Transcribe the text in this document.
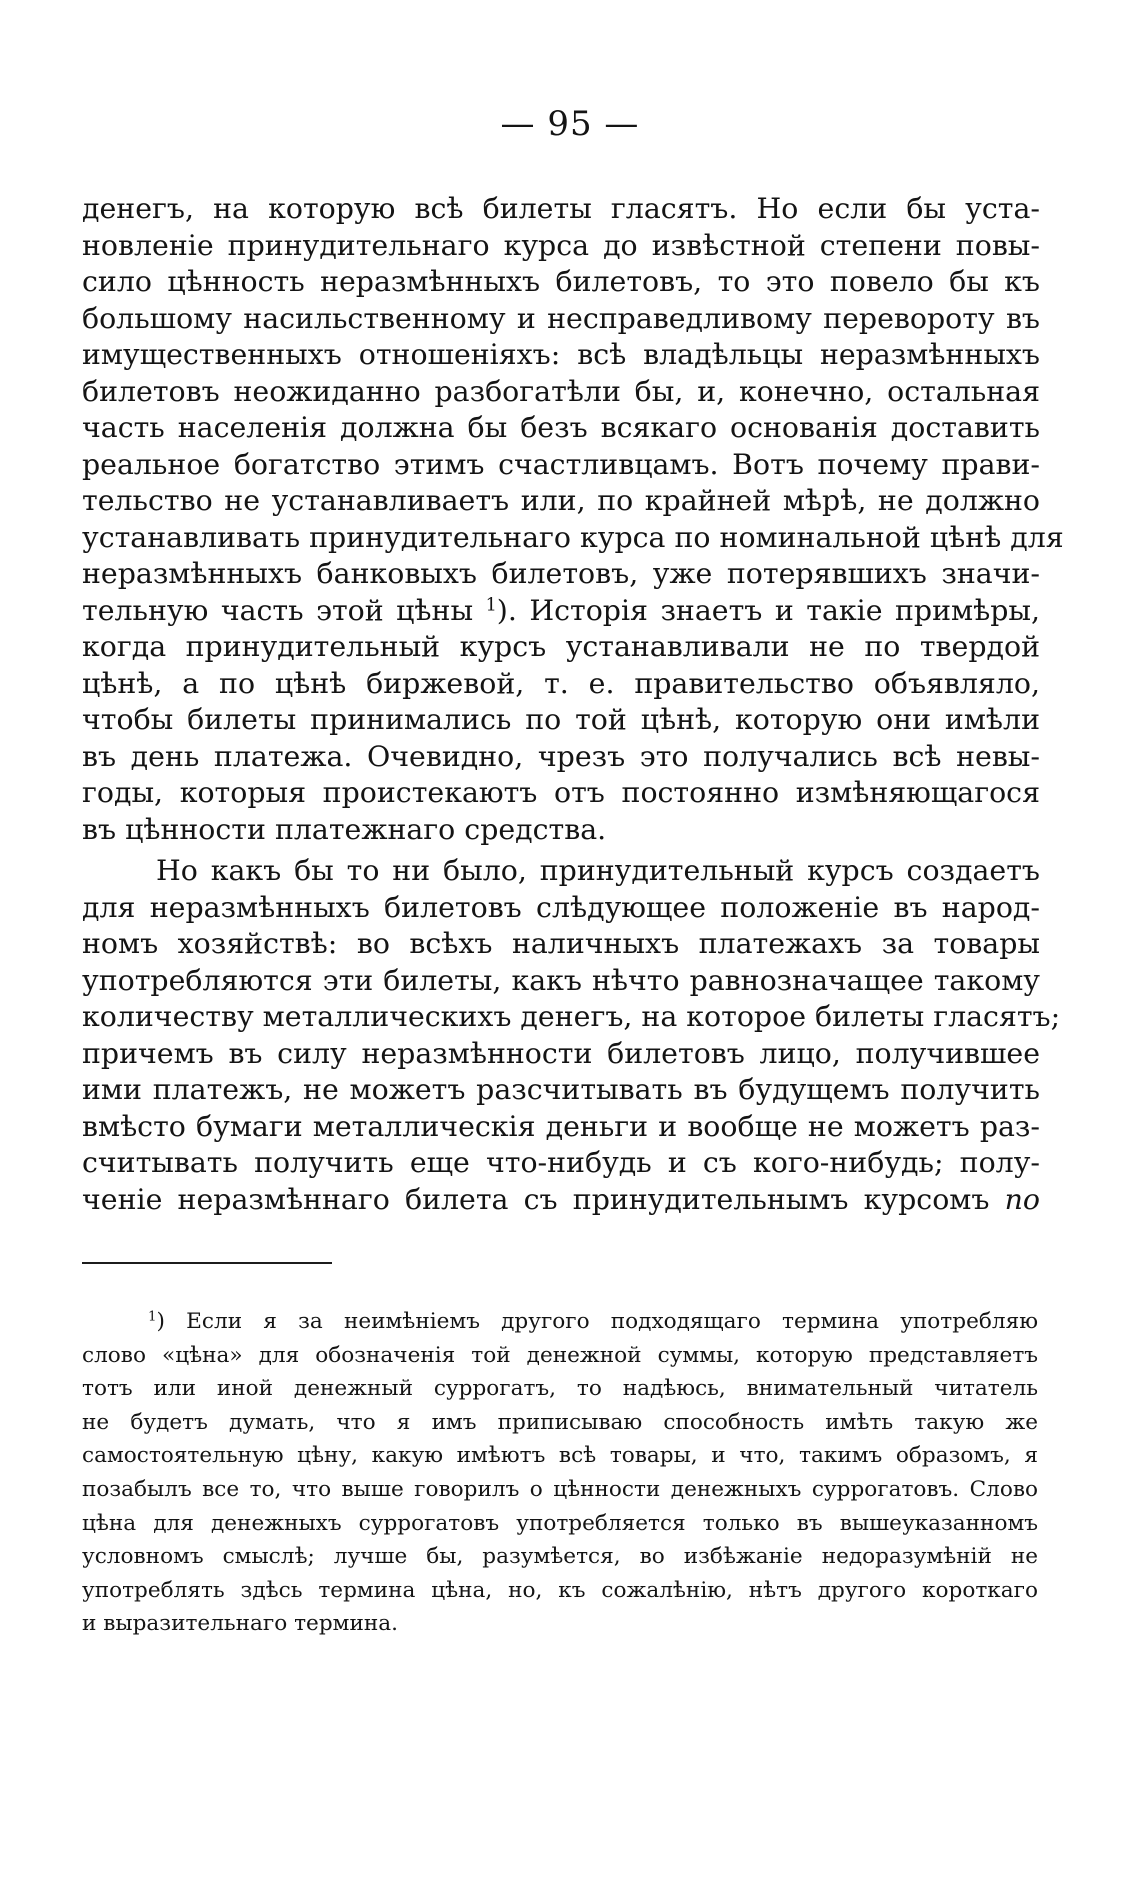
— 95 —
денегъ, на которую всѣ билеты гласятъ. Но если бы уста-
новленіе принудительнаго курса до извѣстной степени повы-
сило цѣнность неразмѣнныхъ билетовъ, то это повело бы къ
большому насильственному и несправедливому перевороту въ
имущественныхъ отношеніяхъ: всѣ владѣльцы неразмѣнныхъ
билетовъ неожиданно разбогатѣли бы, и, конечно, остальная
часть населенія должна бы безъ всякаго основанія доставить
реальное богатство этимъ счастливцамъ. Вотъ почему прави-
тельство не устанавливаетъ или, по крайней мѣрѣ, не должно
устанавливать принудительнаго курса по номинальной цѣнѣ для
неразмѣнныхъ банковыхъ билетовъ, уже потерявшихъ значи-
тельную часть этой цѣны $^1$). Исторія знаетъ и такіе примѣры,
когда принудительный курсъ устанавливали не по твердой
цѣнѣ, а по цѣнѣ биржевой, т. е. правительство объявляло,
чтобы билеты принимались по той цѣнѣ, которую они имѣли
въ день платежа. Очевидно, чрезъ это получались всѣ невы-
годы, которыя проистекаютъ отъ постоянно измѣняющагося
въ цѣнности платежнаго средства.
Но какъ бы то ни было, принудительный курсъ создаетъ
для неразмѣнныхъ билетовъ слѣдующее положеніе въ народ-
номъ хозяйствѣ: во всѣхъ наличныхъ платежахъ за товары
употребляются эти билеты, какъ нѣчто равнозначащее такому
количеству металлическихъ денегъ, на которое билеты гласятъ;
причемъ въ силу неразмѣнности билетовъ лицо, получившее
ими платежъ, не можетъ разсчитывать въ будущемъ получить
вмѣсто бумаги металлическія деньги и вообще не можетъ раз-
считывать получить еще что-нибудь и съ кого-нибудь; полу-
ченіе неразмѣннаго билета съ принудительнымъ курсомъ по
$^1$) Если я за неимѣніемъ другого подходящаго термина употребляю
слово «цѣна» для обозначенія той денежной суммы, которую представляетъ
тотъ или иной денежный суррогатъ, то надѣюсь, внимательный читатель
не будетъ думать, что я имъ приписываю способность имѣть такую же
самостоятельную цѣну, какую имѣютъ всѣ товары, и что, такимъ образомъ, я
позабылъ все то, что выше говорилъ о цѣнности денежныхъ суррогатовъ. Слово
цѣна для денежныхъ суррогатовъ употребляется только въ вышеуказанномъ
условномъ смыслѣ; лучше бы, разумѣется, во избѣжаніе недоразумѣній не
употреблять здѣсь термина цѣна, но, къ сожалѣнію, нѣтъ другого короткаго
и выразительнаго термина.
